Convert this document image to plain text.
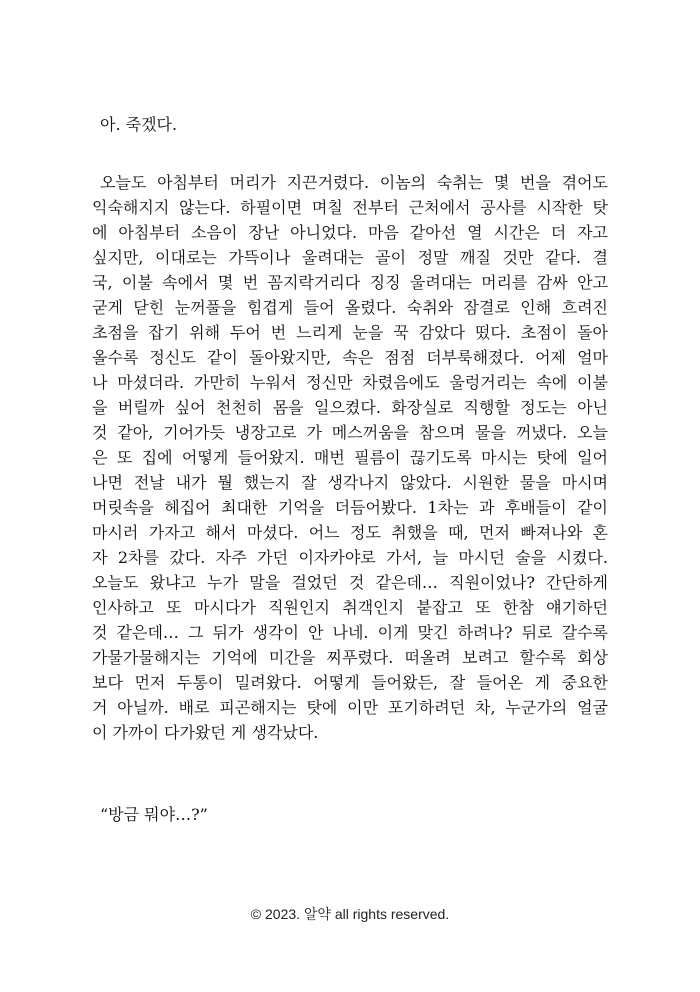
아. 죽겠다.
오늘도 아침부터 머리가 지끈거렸다. 이놈의 숙취는 몇 번을 겪어도
익숙해지지 않는다. 하필이면 며칠 전부터 근처에서 공사를 시작한 탓
에 아침부터 소음이 장난 아니었다. 마음 같아선 열 시간은 더 자고
싶지만, 이대로는 가뜩이나 울려대는 골이 정말 깨질 것만 같다. 결
국, 이불 속에서 몇 번 꼼지락거리다 징징 울려대는 머리를 감싸 안고
굳게 닫힌 눈꺼풀을 힘겹게 들어 올렸다. 숙취와 잠결로 인해 흐려진
초점을 잡기 위해 두어 번 느리게 눈을 꾹 감았다 떴다. 초점이 돌아
올수록 정신도 같이 돌아왔지만, 속은 점점 더부룩해졌다. 어제 얼마
나 마셨더라. 가만히 누워서 정신만 차렸음에도 울렁거리는 속에 이불
을 버릴까 싶어 천천히 몸을 일으켰다. 화장실로 직행할 정도는 아닌
것 같아, 기어가듯 냉장고로 가 메스꺼움을 참으며 물을 꺼냈다. 오늘
은 또 집에 어떻게 들어왔지. 매번 필름이 끊기도록 마시는 탓에 일어
나면 전날 내가 뭘 했는지 잘 생각나지 않았다. 시원한 물을 마시며
머릿속을 헤집어 최대한 기억을 더듬어봤다. 1차는 과 후배들이 같이
마시러 가자고 해서 마셨다. 어느 정도 취했을 때, 먼저 빠져나와 혼
자 2차를 갔다. 자주 가던 이자카야로 가서, 늘 마시던 술을 시켰다.
오늘도 왔냐고 누가 말을 걸었던 것 같은데… 직원이었나? 간단하게
인사하고 또 마시다가 직원인지 취객인지 붙잡고 또 한참 얘기하던
것 같은데… 그 뒤가 생각이 안 나네. 이게 맞긴 하려나? 뒤로 갈수록
가물가물해지는 기억에 미간을 찌푸렸다. 떠올려 보려고 할수록 회상
보다 먼저 두통이 밀려왔다. 어떻게 들어왔든, 잘 들어온 게 중요한
거 아닐까. 배로 피곤해지는 탓에 이만 포기하려던 차, 누군가의 얼굴
이 가까이 다가왔던 게 생각났다.
“방금 뭐야…?”
© 2023. 알약 all rights reserved.
